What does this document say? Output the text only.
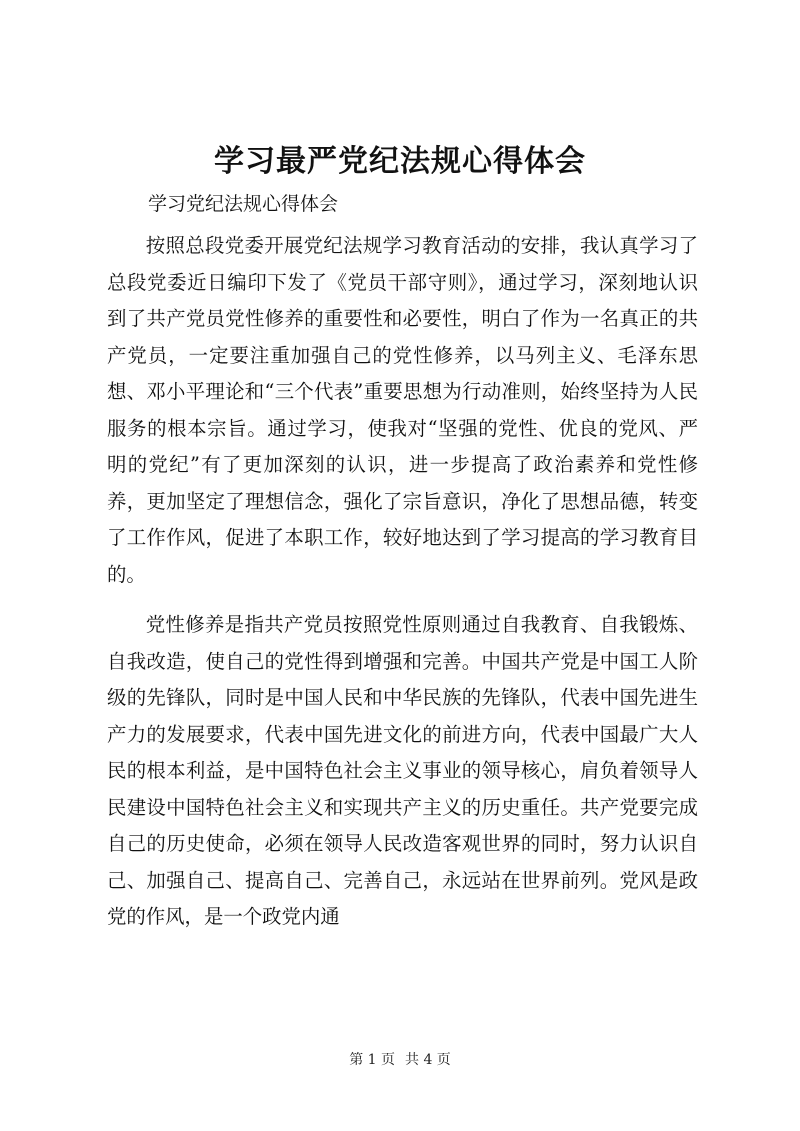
学习最严党纪法规心得体会

学习党纪法规心得体会

按照总段党委开展党纪法规学习教育活动的安排，我认真学习了总段党委近日编印下发了《党员干部守则》，通过学习，深刻地认识到了共产党员党性修养的重要性和必要性，明白了作为一名真正的共产党员，一定要注重加强自己的党性修养，以马列主义、毛泽东思想、邓小平理论和“三个代表”重要思想为行动准则，始终坚持为人民服务的根本宗旨。通过学习，使我对“坚强的党性、优良的党风、严明的党纪”有了更加深刻的认识，进一步提高了政治素养和党性修养，更加坚定了理想信念，强化了宗旨意识，净化了思想品德，转变了工作作风，促进了本职工作，较好地达到了学习提高的学习教育目的。

党性修养是指共产党员按照党性原则通过自我教育、自我锻炼、自我改造，使自己的党性得到增强和完善。中国共产党是中国工人阶级的先锋队，同时是中国人民和中华民族的先锋队，代表中国先进生产力的发展要求，代表中国先进文化的前进方向，代表中国最广大人民的根本利益，是中国特色社会主义事业的领导核心，肩负着领导人民建设中国特色社会主义和实现共产主义的历史重任。共产党要完成自己的历史使命，必须在领导人民改造客观世界的同时，努力认识自己、加强自己、提高自己、完善自己，永远站在世界前列。党风是政党的作风，是一个政党内通

第 1 页 共 4 页
